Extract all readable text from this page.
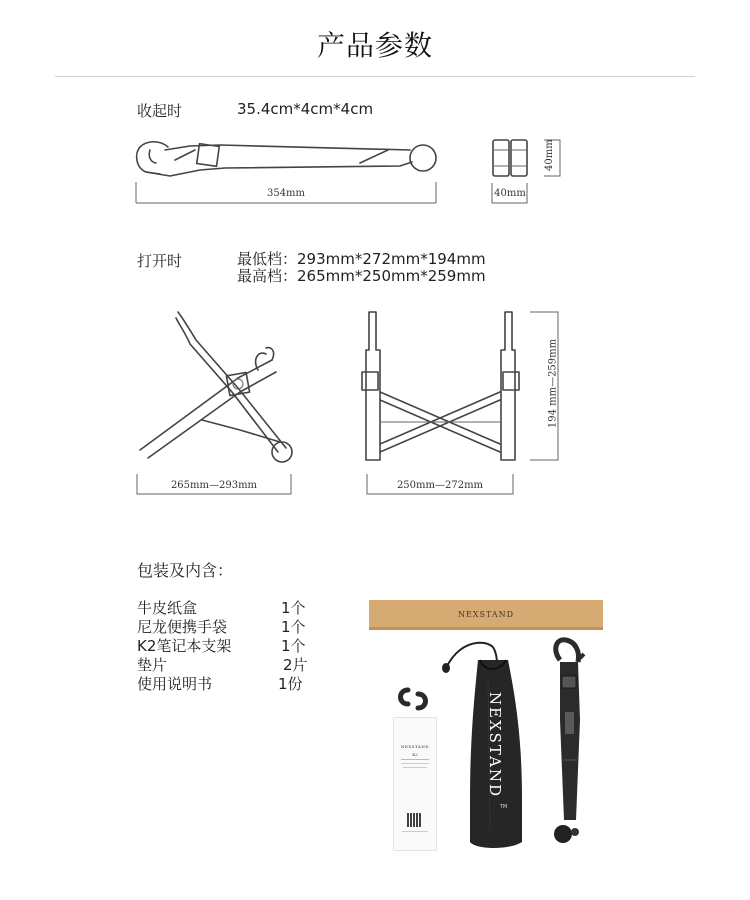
产品参数
收起时	35.4cm*4cm*4cm
354mm
40mm
40mm
打开时	最低档：293mm*272mm*194mm
最高档：265mm*250mm*259mm
265mm—293mm	250mm—272mm
194 mm—259mm
包装及内含：
牛皮纸盒	1个
尼龙便携手袋	1个
K2笔记本支架	1个
垫片	2片
使用说明书	1份
NEXSTAND
NEXSTAND
K2	NEXSTAND
TM
